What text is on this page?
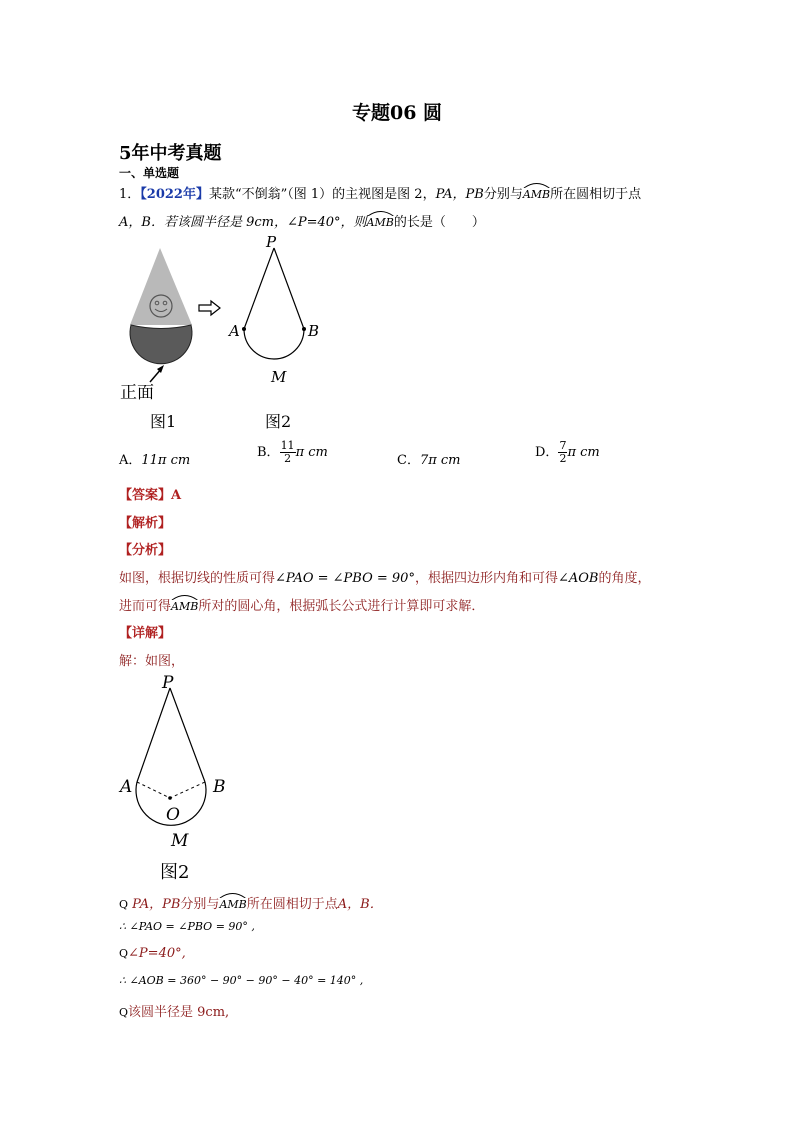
专题06 圆
5年中考真题
一、单选题
1．【2022年】某款“不倒翁”（图 1）的主视图是图 2，PA，PB分别与
AMB所在圆相切于点
A，B．若该圆半径是 9cm，∠P=40°，则
AMB的长是（　　）
正面
P
A	B
M
图1	图2
A．11π cm
B． $\frac{11}{2}$ π cm
C．7π cm
D． $\frac{7}{2}$ π cm
【答案】A
【解析】
【分析】
如图，根据切线的性质可得∠PAO = ∠PBO = 90°，根据四边形内角和可得∠AOB的角度，
进而可得
AMB所对的圆心角，根据弧长公式进行计算即可求解．
【详解】
解：如图，
P
A	B
O
M
图2
Q PA，PB分别与
AMB所在圆相切于点A，B．
∴ ∠PAO = ∠PBO = 90° ,
Q∠P=40°,
∴ ∠AOB = 360° − 90° − 90° − 40° = 140° ,
Q该圆半径是 9cm,
